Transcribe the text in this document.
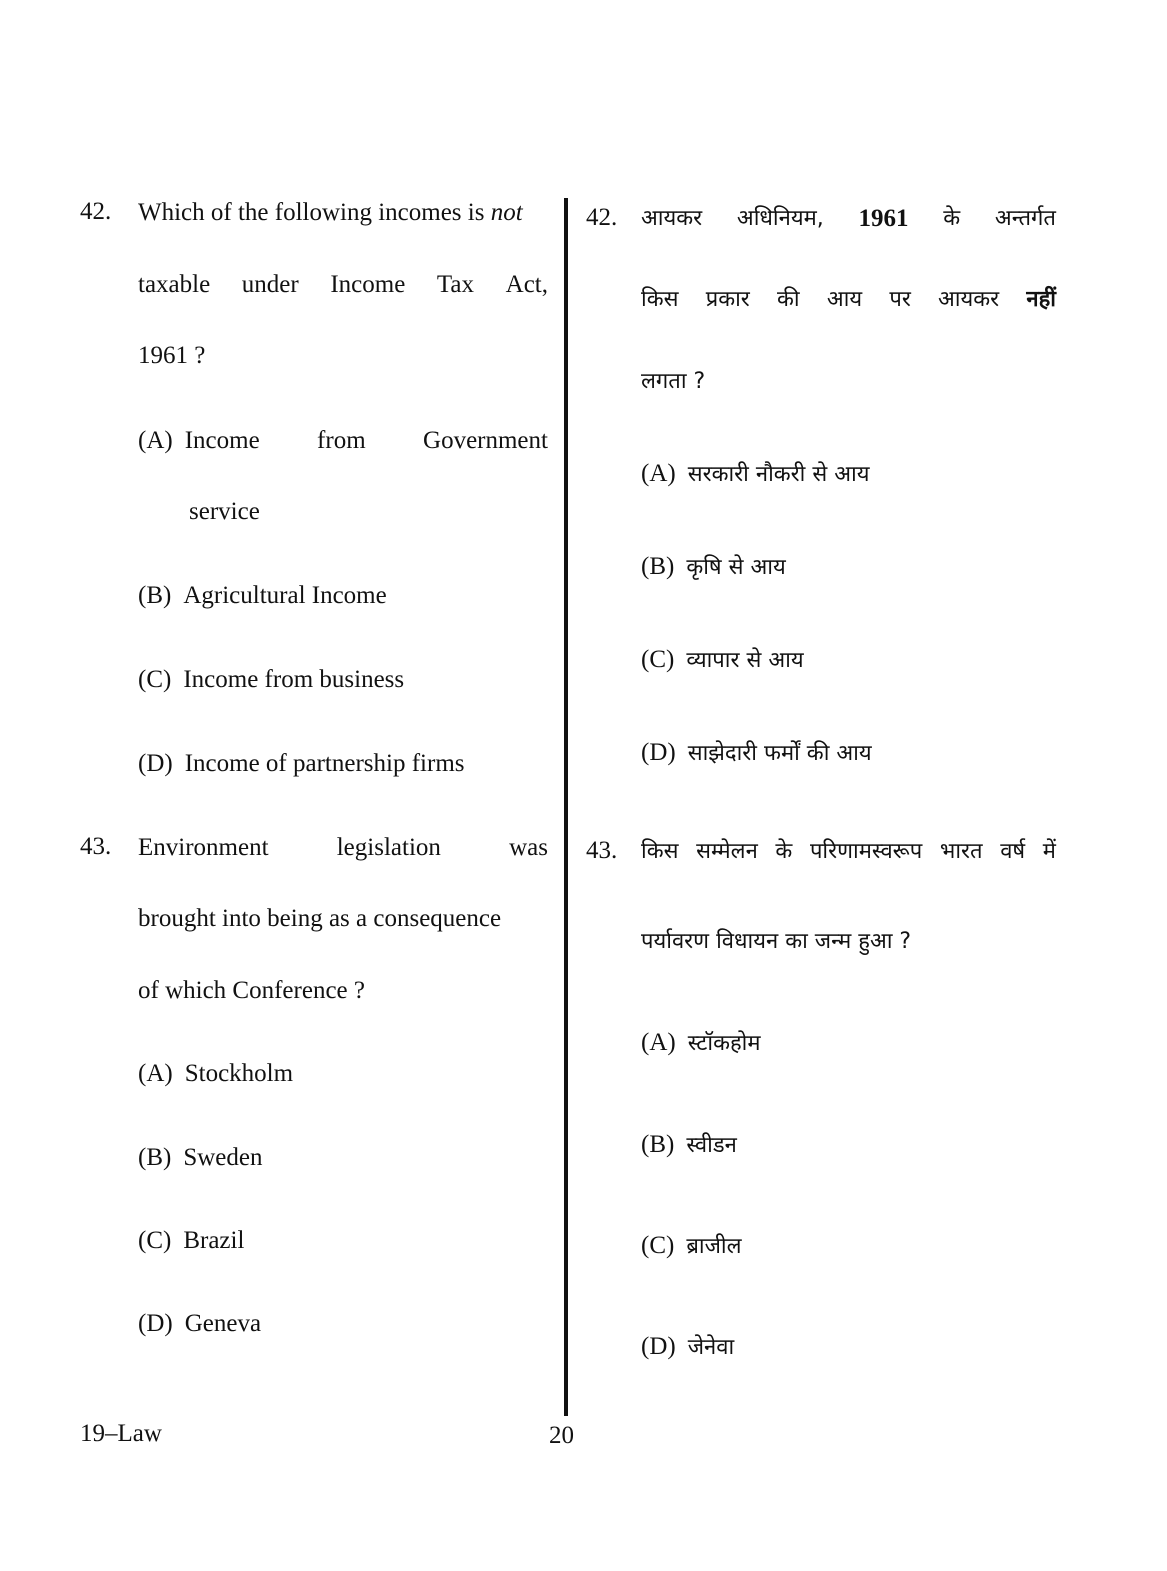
42. Which of the following incomes is not
taxable under Income Tax Act,
1961 ?
(A) Income from Government
service
(B) Agricultural Income
(C) Income from business
(D) Income of partnership firms
43. Environment	legislation	was
brought into being as a consequence
of which Conference ?
(A) Stockholm
(B) Sweden
(C) Brazil
(D) Geneva
42. आयकर अधिनियम, 1961 के अन्तर्गत
किस प्रकार की आय पर आयकर नहीं
लगता ?
(A) सरकारी नौकरी से आय
(B) कृषि से आय
(C) व्यापार से आय
(D) साझेदारी फर्मों की आय
43. किस सम्मेलन के परिणामस्वरूप भारत वर्ष में
पर्यावरण विधायन का जन्म हुआ ?
(A) स्टॉकहोम
(B) स्वीडन
(C) ब्राजील
(D) जेनेवा
19–Law	20
